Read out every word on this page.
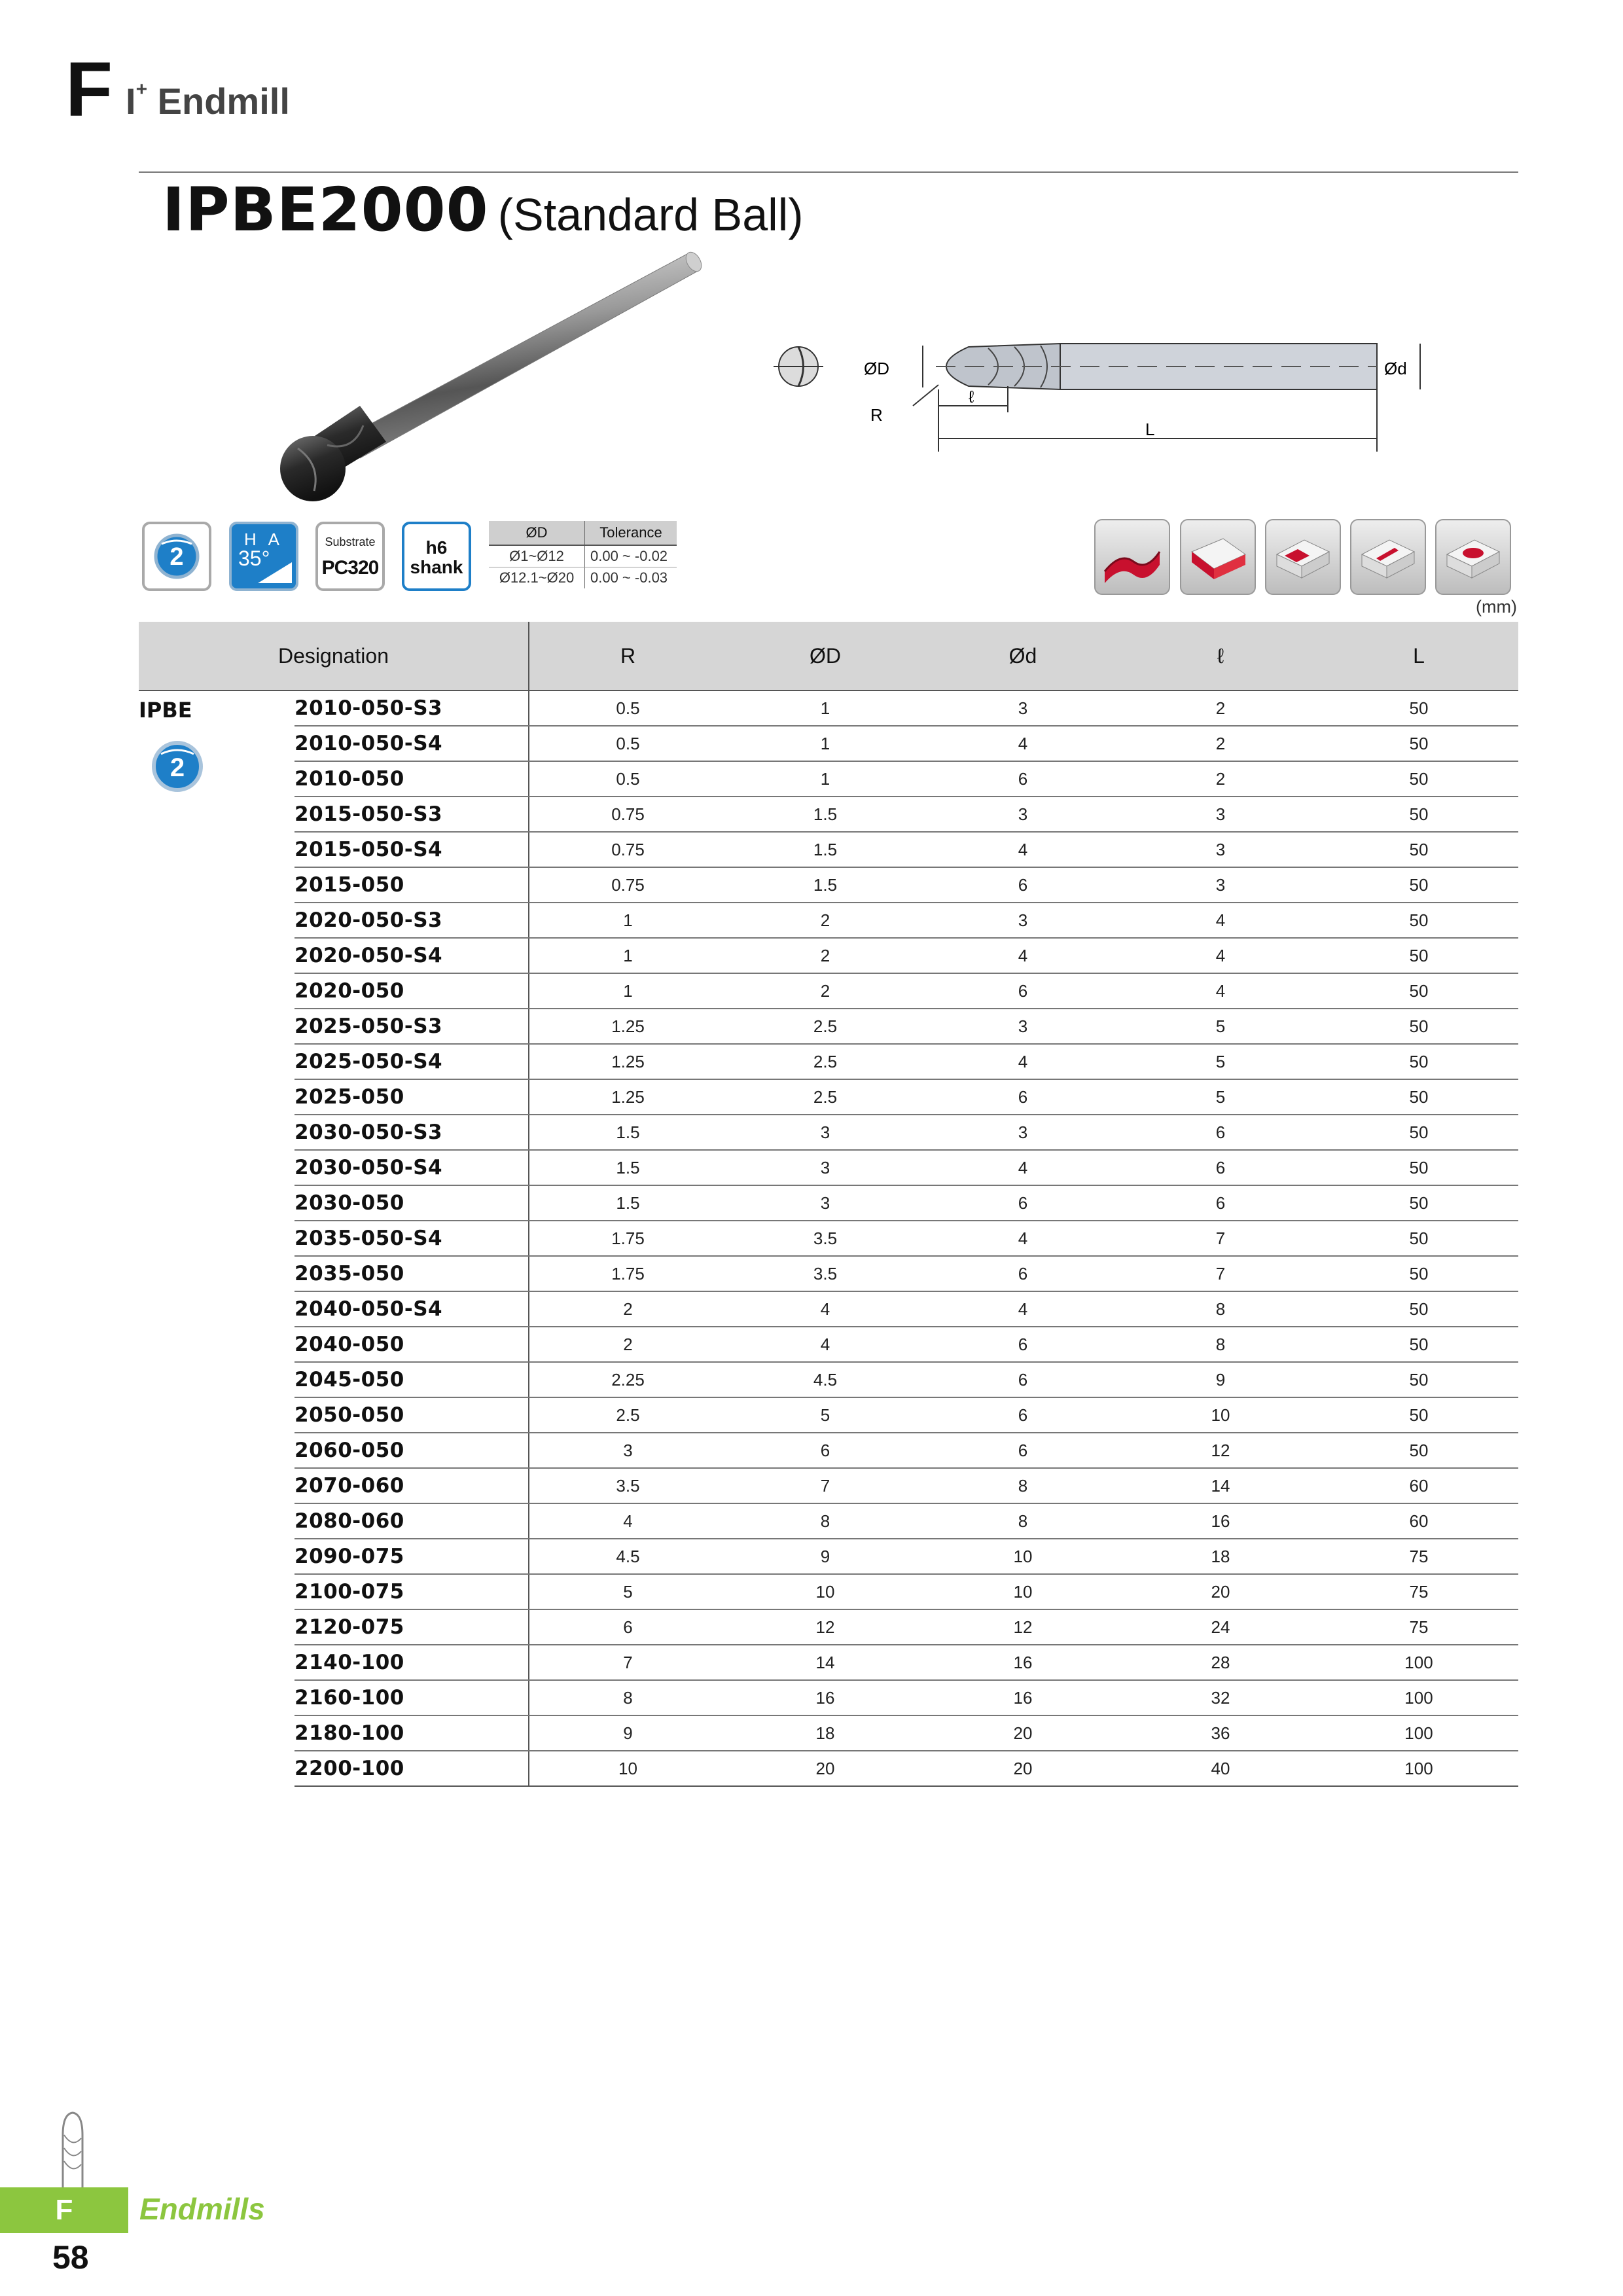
F I+ Endmill
IPBE2000 (Standard Ball)
ØD	Ød
R
ℓ
L
2
H A
35°
Substrate
PC320
h6
shank
ØD	Tolerance
Ø1~Ø12	0.00 ~ -0.02
Ø12.1~Ø20	0.00 ~ -0.03
(mm)
Designation		R	ØD	Ød	ℓ	L
IPBE
2	2010-050-S3	0.5	1	3	2	50
	2010-050-S4	0.5	1	4	2	50
	2010-050	0.5	1	6	2	50
	2015-050-S3	0.75	1.5	3	3	50
	2015-050-S4	0.75	1.5	4	3	50
	2015-050	0.75	1.5	6	3	50
	2020-050-S3	1	2	3	4	50
	2020-050-S4	1	2	4	4	50
	2020-050	1	2	6	4	50
	2025-050-S3	1.25	2.5	3	5	50
	2025-050-S4	1.25	2.5	4	5	50
	2025-050	1.25	2.5	6	5	50
	2030-050-S3	1.5	3	3	6	50
	2030-050-S4	1.5	3	4	6	50
	2030-050	1.5	3	6	6	50
	2035-050-S4	1.75	3.5	4	7	50
	2035-050	1.75	3.5	6	7	50
	2040-050-S4	2	4	4	8	50
	2040-050	2	4	6	8	50
	2045-050	2.25	4.5	6	9	50
	2050-050	2.5	5	6	10	50
	2060-050	3	6	6	12	50
	2070-060	3.5	7	8	14	60
	2080-060	4	8	8	16	60
	2090-075	4.5	9	10	18	75
	2100-075	5	10	10	20	75
	2120-075	6	12	12	24	75
	2140-100	7	14	16	28	100
	2160-100	8	16	16	32	100
	2180-100	9	18	20	36	100
	2200-100	10	20	20	40	100
F	Endmills
58
